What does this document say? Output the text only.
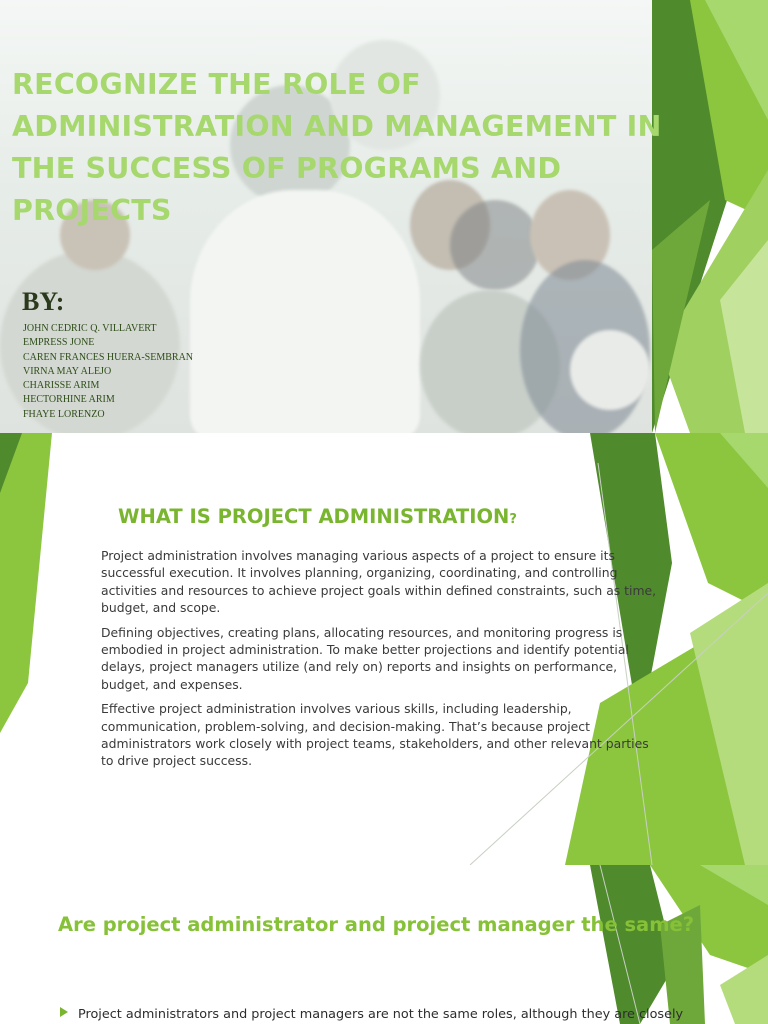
RECOGNIZE THE ROLE OF ADMINISTRATION AND MANAGEMENT IN THE SUCCESS OF PROGRAMS AND PROJECTS
BY:
JOHN CEDRIC Q. VILLAVERT
EMPRESS JONE
CAREN FRANCES HUERA-SEMBRAN
VIRNA MAY ALEJO
CHARISSE ARIM
HECTORHINE ARIM
FHAYE LORENZO
WHAT IS PROJECT ADMINISTRATION?

Project administration involves managing various aspects of a project to ensure its successful execution. It involves planning, organizing, coordinating, and controlling activities and resources to achieve project goals within defined constraints, such as time, budget, and scope.

Defining objectives, creating plans, allocating resources, and monitoring progress is embodied in project administration. To make better projections and identify potential delays, project managers utilize (and rely on) reports and insights on performance, budget, and expenses.

Effective project administration involves various skills, including leadership, communication, problem-solving, and decision-making. That’s because project administrators work closely with project teams, stakeholders, and other relevant parties to drive project success.

Are project administrator and project manager the same?
Project administrators and project managers are not the same roles, although they are closely
